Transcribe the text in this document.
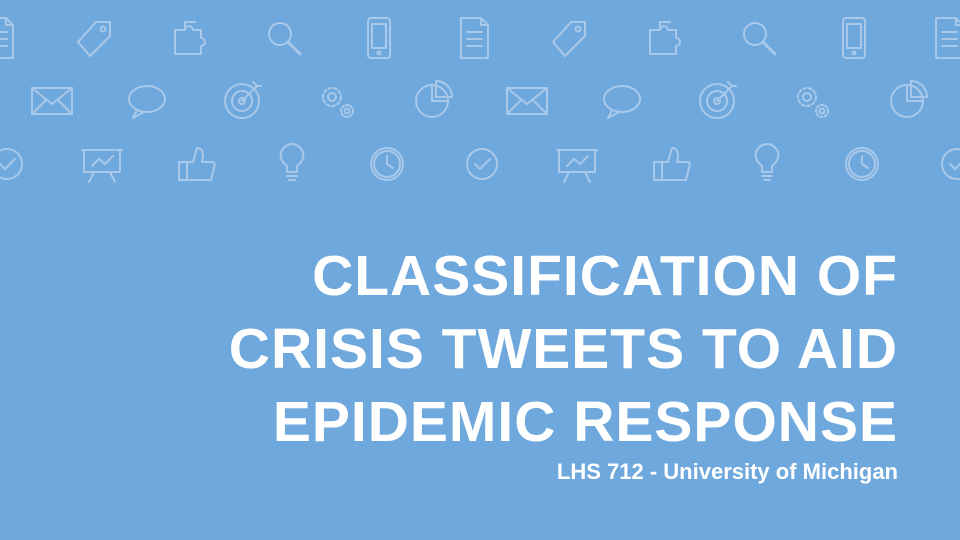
CLASSIFICATION OF
CRISIS TWEETS TO AID
EPIDEMIC RESPONSE

LHS 712 - University of Michigan
